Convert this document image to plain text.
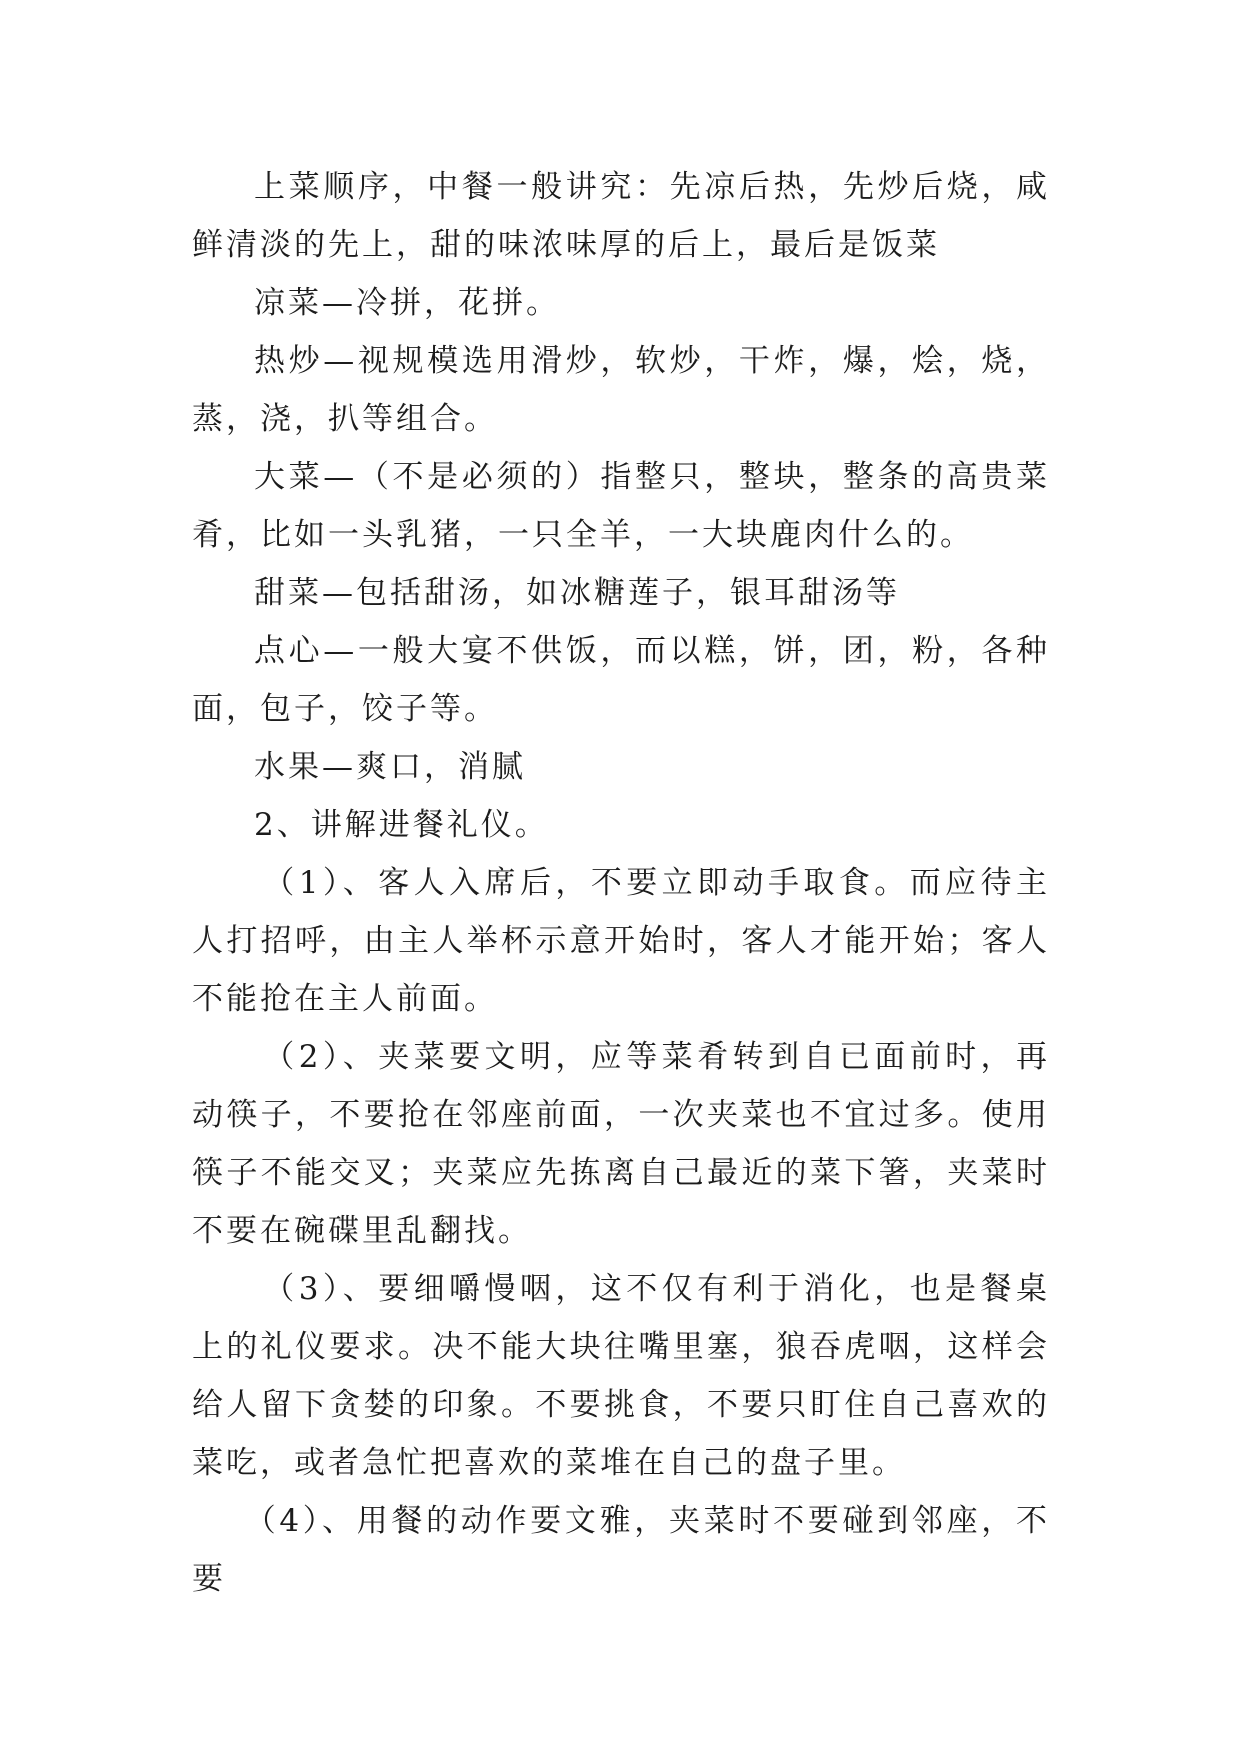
上菜顺序，中餐一般讲究：先凉后热，先炒后烧，咸鲜清淡的先上，甜的味浓味厚的后上，最后是饭菜

凉菜—冷拼，花拼。

热炒—视规模选用滑炒，软炒，干炸，爆，烩，烧，蒸，浇，扒等组合。

大菜—（不是必须的）指整只，整块，整条的高贵菜肴，比如一头乳猪，一只全羊，一大块鹿肉什么的。

甜菜—包括甜汤，如冰糖莲子，银耳甜汤等

点心—一般大宴不供饭，而以糕，饼，团，粉，各种面，包子，饺子等。

水果—爽口，消腻

2、讲解进餐礼仪。

（1）、客人入席后，不要立即动手取食。而应待主人打招呼，由主人举杯示意开始时，客人才能开始；客人不能抢在主人前面。

（2）、夹菜要文明，应等菜肴转到自已面前时，再动筷子，不要抢在邻座前面，一次夹菜也不宜过多。使用筷子不能交叉；夹菜应先拣离自己最近的菜下箸，夹菜时不要在碗碟里乱翻找。

（3）、要细嚼慢咽，这不仅有利于消化，也是餐桌上的礼仪要求。决不能大块往嘴里塞，狼吞虎咽，这样会给人留下贪婪的印象。不要挑食，不要只盯住自己喜欢的菜吃，或者急忙把喜欢的菜堆在自己的盘子里。

（4）、用餐的动作要文雅，夹菜时不要碰到邻座，不要
